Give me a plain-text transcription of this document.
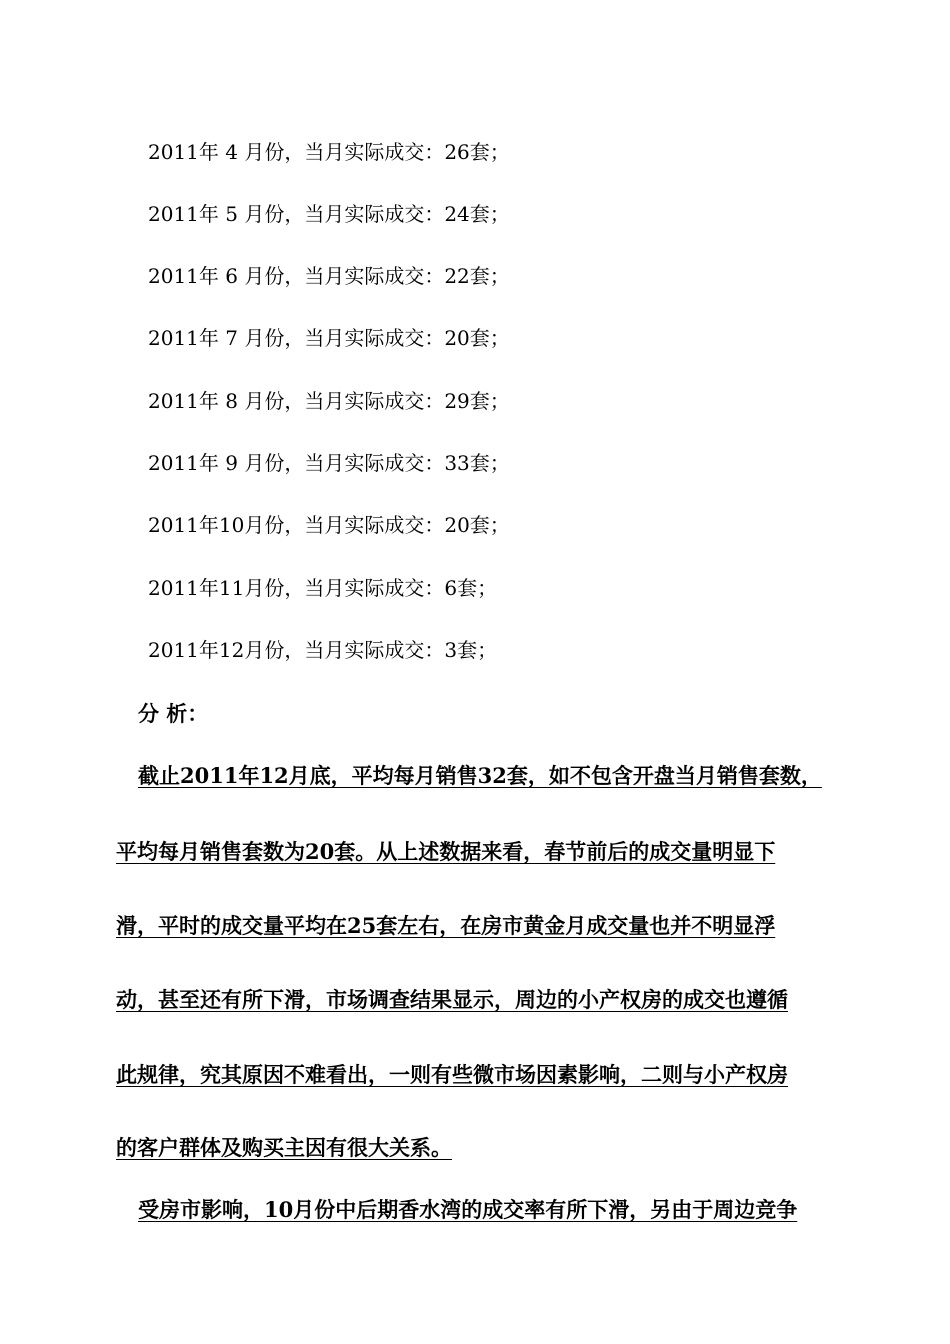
2011年 4 月份，当月实际成交：26套；
2011年 5 月份，当月实际成交：24套；
2011年 6 月份，当月实际成交：22套；
2011年 7 月份，当月实际成交：20套；
2011年 8 月份，当月实际成交：29套；
2011年 9 月份，当月实际成交：33套；
2011年10月份，当月实际成交：20套；
2011年11月份，当月实际成交：6套；
2011年12月份，当月实际成交：3套；
分 析：
截止2011年12月底，平均每月销售32套，如不包含开盘当月销售套数，
平均每月销售套数为20套。从上述数据来看，春节前后的成交量明显下
滑，平时的成交量平均在25套左右，在房市黄金月成交量也并不明显浮
动，甚至还有所下滑，市场调查结果显示，周边的小产权房的成交也遵循
此规律，究其原因不难看出，一则有些微市场因素影响，二则与小产权房
的客户群体及购买主因有很大关系。
受房市影响，10月份中后期香水湾的成交率有所下滑，另由于周边竞争
